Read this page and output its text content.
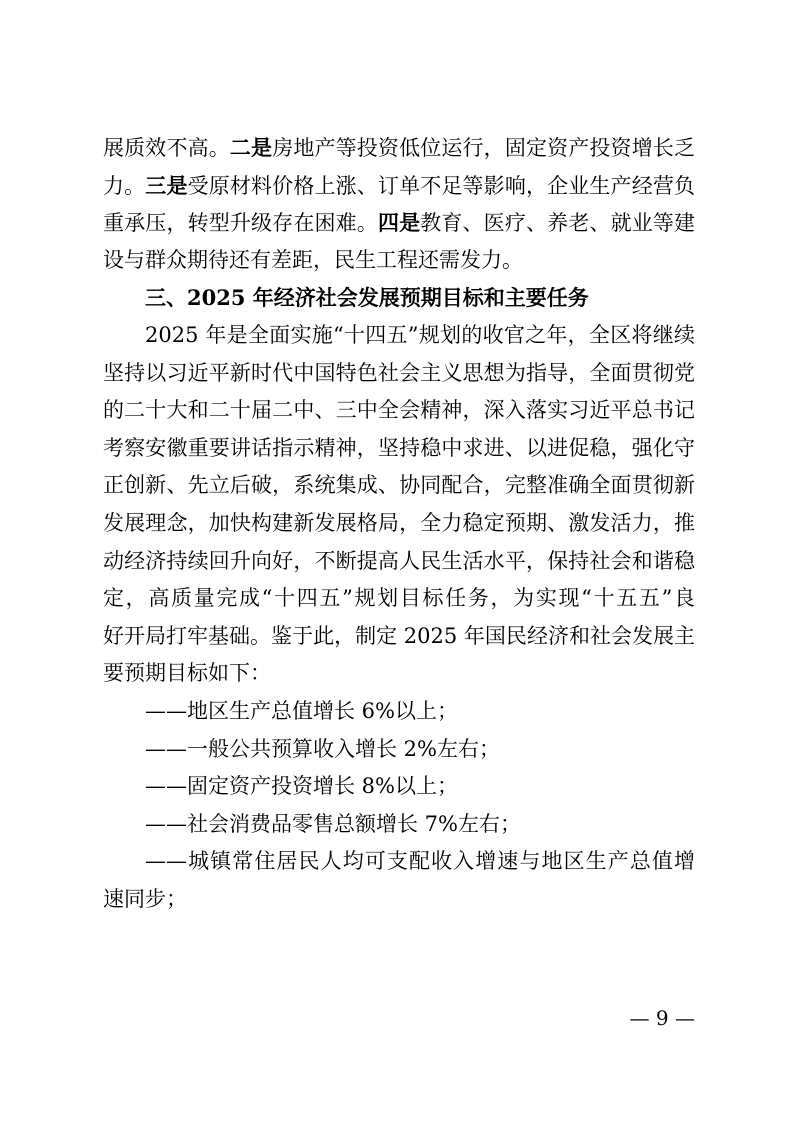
展质效不高。二是房地产等投资低位运行，固定资产投资增长乏
力。三是受原材料价格上涨、订单不足等影响，企业生产经营负
重承压，转型升级存在困难。四是教育、医疗、养老、就业等建
设与群众期待还有差距，民生工程还需发力。
三、2025 年经济社会发展预期目标和主要任务
2025 年是全面实施“十四五”规划的收官之年，全区将继续
坚持以习近平新时代中国特色社会主义思想为指导，全面贯彻党
的二十大和二十届二中、三中全会精神，深入落实习近平总书记
考察安徽重要讲话指示精神，坚持稳中求进、以进促稳，强化守
正创新、先立后破，系统集成、协同配合，完整准确全面贯彻新
发展理念，加快构建新发展格局，全力稳定预期、激发活力，推
动经济持续回升向好，不断提高人民生活水平，保持社会和谐稳
定，高质量完成“十四五”规划目标任务，为实现“十五五”良
好开局打牢基础。鉴于此，制定 2025 年国民经济和社会发展主
要预期目标如下：
——地区生产总值增长 6%以上；
——一般公共预算收入增长 2%左右；
——固定资产投资增长 8%以上；
——社会消费品零售总额增长 7%左右；
——城镇常住居民人均可支配收入增速与地区生产总值增
速同步；
— 9 —
